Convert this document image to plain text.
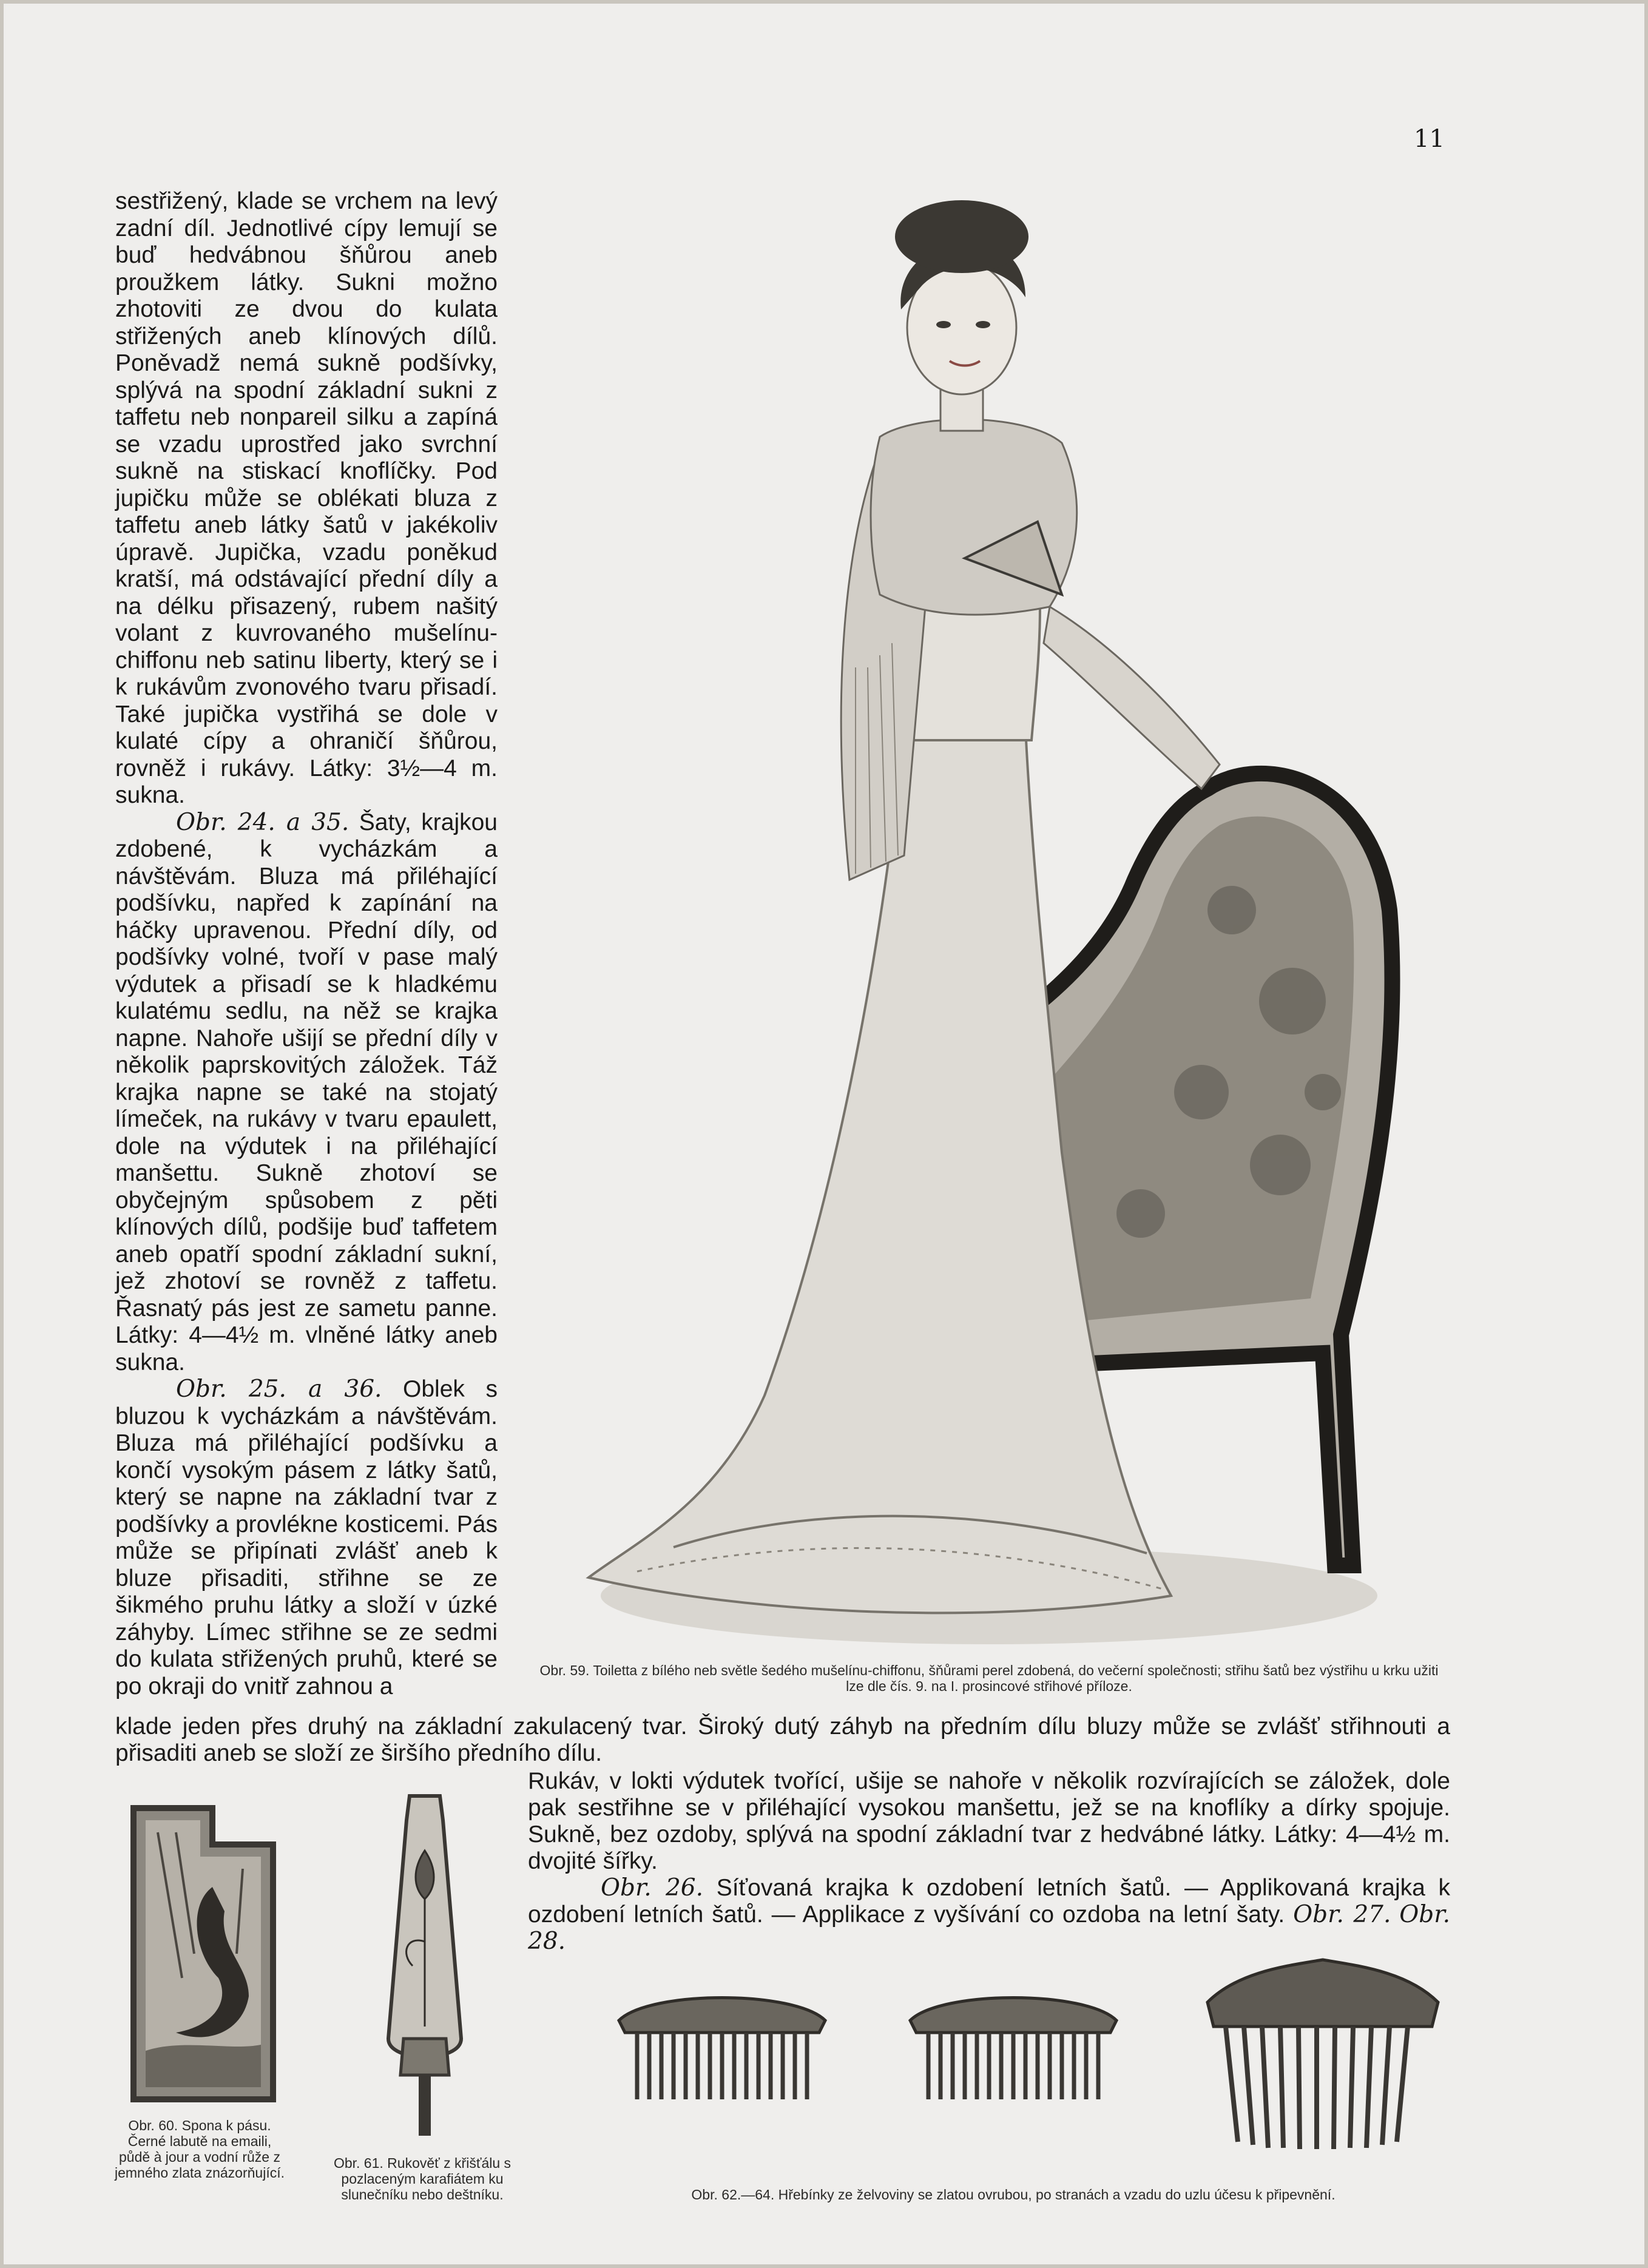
11

sestřižený, klade se vrchem na levý zadní díl. Jednotlivé cípy lemují se buď hedvábnou šňůrou aneb proužkem látky. Sukni možno zhotoviti ze dvou do kulata střižených aneb klínových dílů. Poněvadž nemá sukně podšívky, splývá na spodní základní sukni z taffetu neb nonpareil silku a zapíná se vzadu uprostřed jako svrchní sukně na stiskací knoflíčky. Pod jupičku může se oblékati bluza z taffetu aneb látky šatů v jakékoliv úpravě. Jupička, vzadu poněkud kratší, má odstávající přední díly a na délku přisazený, rubem našitý volant z kuvrovaného mušelínu-chiffonu neb satinu liberty, který se i k rukávům zvonového tvaru přisadí. Také jupička vystřihá se dole v kulaté cípy a ohraničí šňůrou, rovněž i rukávy. Látky: 3½—4 m. sukna.

Obr. 24. a 35. Šaty, krajkou zdobené, k vycházkám a návštěvám. Bluza má přiléhající podšívku, napřed k zapínání na háčky upravenou. Přední díly, od podšívky volné, tvoří v pase malý výdutek a přisadí se k hladkému kulatému sedlu, na něž se krajka napne. Nahoře ušijí se přední díly v několik paprskovitých záložek. Táž krajka napne se také na stojatý límeček, na rukávy v tvaru epaulett, dole na výdutek i na přiléhající manšettu. Sukně zhotoví se obyčejným spůsobem z pěti klínových dílů, podšije buď taffetem aneb opatří spodní základní sukní, jež zhotoví se rovněž z taffetu. Řasnatý pás jest ze sametu panne. Látky: 4—4½ m. vlněné látky aneb sukna.

Obr. 25. a 36. Oblek s bluzou k vycházkám a návštěvám. Bluza má přiléhající podšívku a končí vysokým pásem z látky šatů, který se napne na základní tvar z podšívky a provlékne kosticemi. Pás může se připínati zvlášť aneb k bluze přisaditi, střihne se ze šikmého pruhu látky a složí v úzké záhyby. Límec střihne se ze sedmi do kulata střižených pruhů, které se po okraji do vnitř zahnou a

Obr. 59. Toiletta z bílého neb světle šedého mušelínu-chiffonu, šňůrami perel zdobená, do večerní společnosti; střihu šatů bez výstřihu u krku užiti lze dle čís. 9. na I. prosincové střihové příloze.
klade jeden přes druhý na základní zakulacený tvar. Široký dutý záhyb na předním dílu bluzy může se zvlášť střihnouti a přisaditi aneb se složí ze širšího předního dílu.

Rukáv, v lokti výdutek tvořící, ušije se nahoře v několik rozvírajících se záložek, dole pak sestřihne se v přiléhající vysokou manšettu, jež se na knoflíky a dírky spojuje. Sukně, bez ozdoby, splývá na spodní základní tvar z hedvábné látky. Látky: 4—4½ m. dvojité šířky.

Obr. 26. Síťovaná krajka k ozdobení letních šatů. — Applikovaná krajka k ozdobení letních šatů. — Applikace z vyšívání co ozdoba na letní šaty. Obr. 27. Obr. 28.

Obr. 60. Spona k pásu. Černé labutě na emaili, půdě à jour a vodní růže z jemného zlata znázorňující.
Obr. 61. Rukověť z křišťálu s pozlaceným karafiátem ku slunečníku nebo deštníku.	Obr. 62.—64. Hřebínky ze želvoviny se zlatou ovrubou, po stranách a vzadu do uzlu účesu k připevnění.
